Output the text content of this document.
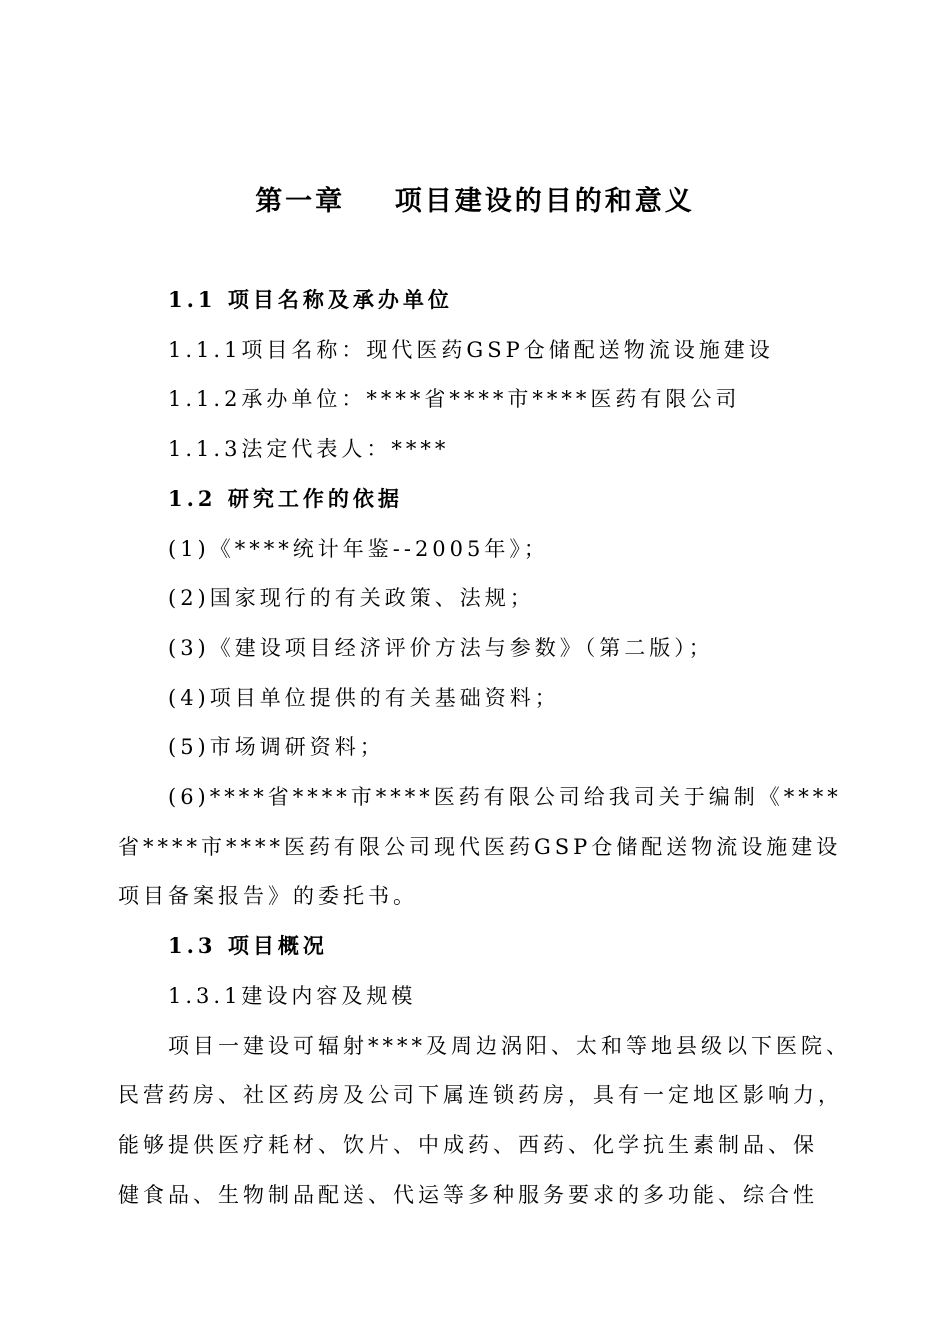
第一章    项目建设的目的和意义
1.1 项目名称及承办单位
1.1.1项目名称：现代医药GSP仓储配送物流设施建设
1.1.2承办单位：****省****市****医药有限公司
1.1.3法定代表人：****
1.2 研究工作的依据
(1)《****统计年鉴--2005年》；
(2)国家现行的有关政策、法规；
(3)《建设项目经济评价方法与参数》（第二版）；
(4)项目单位提供的有关基础资料；
(5)市场调研资料；
(6)****省****市****医药有限公司给我司关于编制《****
省****市****医药有限公司现代医药GSP仓储配送物流设施建设
项目备案报告》的委托书。
1.3 项目概况
1.3.1建设内容及规模
项目一建设可辐射****及周边涡阳、太和等地县级以下医院、
民营药房、社区药房及公司下属连锁药房，具有一定地区影响力，
能够提供医疗耗材、饮片、中成药、西药、化学抗生素制品、保
健食品、生物制品配送、代运等多种服务要求的多功能、综合性
